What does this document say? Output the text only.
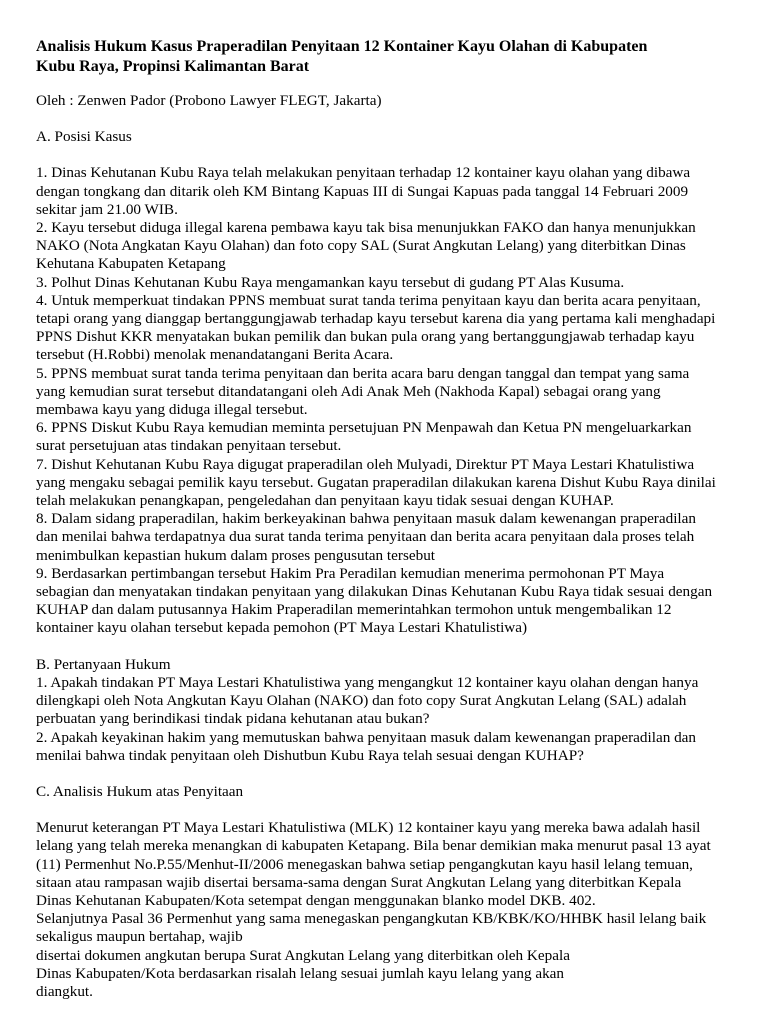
Analisis Hukum Kasus Praperadilan Penyitaan 12 Kontainer Kayu Olahan di Kabupaten
Kubu Raya, Propinsi Kalimantan Barat
Oleh : Zenwen Pador (Probono Lawyer FLEGT, Jakarta)
A. Posisi Kasus
1. Dinas Kehutanan Kubu Raya telah melakukan penyitaan terhadap 12 kontainer kayu olahan yang dibawa
dengan tongkang dan ditarik oleh KM Bintang Kapuas III di Sungai Kapuas pada tanggal 14 Februari 2009
sekitar jam 21.00 WIB.
2. Kayu tersebut diduga illegal karena pembawa kayu tak bisa menunjukkan FAKO dan hanya menunjukkan
NAKO (Nota Angkatan Kayu Olahan) dan foto copy SAL (Surat Angkutan Lelang) yang diterbitkan Dinas
Kehutana Kabupaten Ketapang
3. Polhut Dinas Kehutanan Kubu Raya mengamankan kayu tersebut di gudang PT Alas Kusuma.
4. Untuk memperkuat tindakan PPNS membuat surat tanda terima penyitaan kayu dan berita acara penyitaan,
tetapi orang yang dianggap bertanggungjawab terhadap kayu tersebut karena dia yang pertama kali menghadapi
PPNS Dishut KKR menyatakan bukan pemilik dan bukan pula orang yang bertanggungjawab terhadap kayu
tersebut (H.Robbi) menolak menandatangani Berita Acara.
5. PPNS membuat surat tanda terima penyitaan dan berita acara baru dengan tanggal dan tempat yang sama
yang kemudian surat tersebut ditandatangani oleh Adi Anak Meh (Nakhoda Kapal) sebagai orang yang
membawa kayu yang diduga illegal tersebut.
6. PPNS Diskut Kubu Raya kemudian meminta persetujuan PN Menpawah dan Ketua PN mengeluarkarkan
surat persetujuan atas tindakan penyitaan tersebut.
7. Dishut Kehutanan Kubu Raya digugat praperadilan oleh Mulyadi, Direktur PT Maya Lestari Khatulistiwa
yang mengaku sebagai pemilik kayu tersebut. Gugatan praperadilan dilakukan karena Dishut Kubu Raya dinilai
telah melakukan penangkapan, pengeledahan dan penyitaan kayu tidak sesuai dengan KUHAP.
8. Dalam sidang praperadilan, hakim berkeyakinan bahwa penyitaan masuk dalam kewenangan praperadilan
dan menilai bahwa terdapatnya dua surat tanda terima penyitaan dan berita acara penyitaan dala proses telah
menimbulkan kepastian hukum dalam proses pengusutan tersebut
9. Berdasarkan pertimbangan tersebut Hakim Pra Peradilan kemudian menerima permohonan PT Maya
sebagian dan menyatakan tindakan penyitaan yang dilakukan Dinas Kehutanan Kubu Raya tidak sesuai dengan
KUHAP dan dalam putusannya Hakim Praperadilan memerintahkan termohon untuk mengembalikan 12
kontainer kayu olahan tersebut kepada pemohon (PT Maya Lestari Khatulistiwa)
B. Pertanyaan Hukum
1. Apakah tindakan PT Maya Lestari Khatulistiwa yang mengangkut 12 kontainer kayu olahan dengan hanya
dilengkapi oleh Nota Angkutan Kayu Olahan (NAKO) dan foto copy Surat Angkutan Lelang (SAL) adalah
perbuatan yang berindikasi tindak pidana kehutanan atau bukan?
2. Apakah keyakinan hakim yang memutuskan bahwa penyitaan masuk dalam kewenangan praperadilan dan
menilai bahwa tindak penyitaan oleh Dishutbun Kubu Raya telah sesuai dengan KUHAP?
C. Analisis Hukum atas Penyitaan
Menurut keterangan PT Maya Lestari Khatulistiwa (MLK) 12 kontainer kayu yang mereka bawa adalah hasil
lelang yang telah mereka menangkan di kabupaten Ketapang. Bila benar demikian maka menurut pasal 13 ayat
(11) Permenhut No.P.55/Menhut-II/2006 menegaskan bahwa setiap pengangkutan kayu hasil lelang temuan,
sitaan atau rampasan wajib disertai bersama-sama dengan Surat Angkutan Lelang yang diterbitkan Kepala
Dinas Kehutanan Kabupaten/Kota setempat dengan menggunakan blanko model DKB. 402.
Selanjutnya Pasal 36 Permenhut yang sama menegaskan pengangkutan KB/KBK/KO/HHBK hasil lelang baik
sekaligus maupun bertahap, wajib
disertai dokumen angkutan berupa Surat Angkutan Lelang yang diterbitkan oleh Kepala
Dinas Kabupaten/Kota berdasarkan risalah lelang sesuai jumlah kayu lelang yang akan
diangkut.
